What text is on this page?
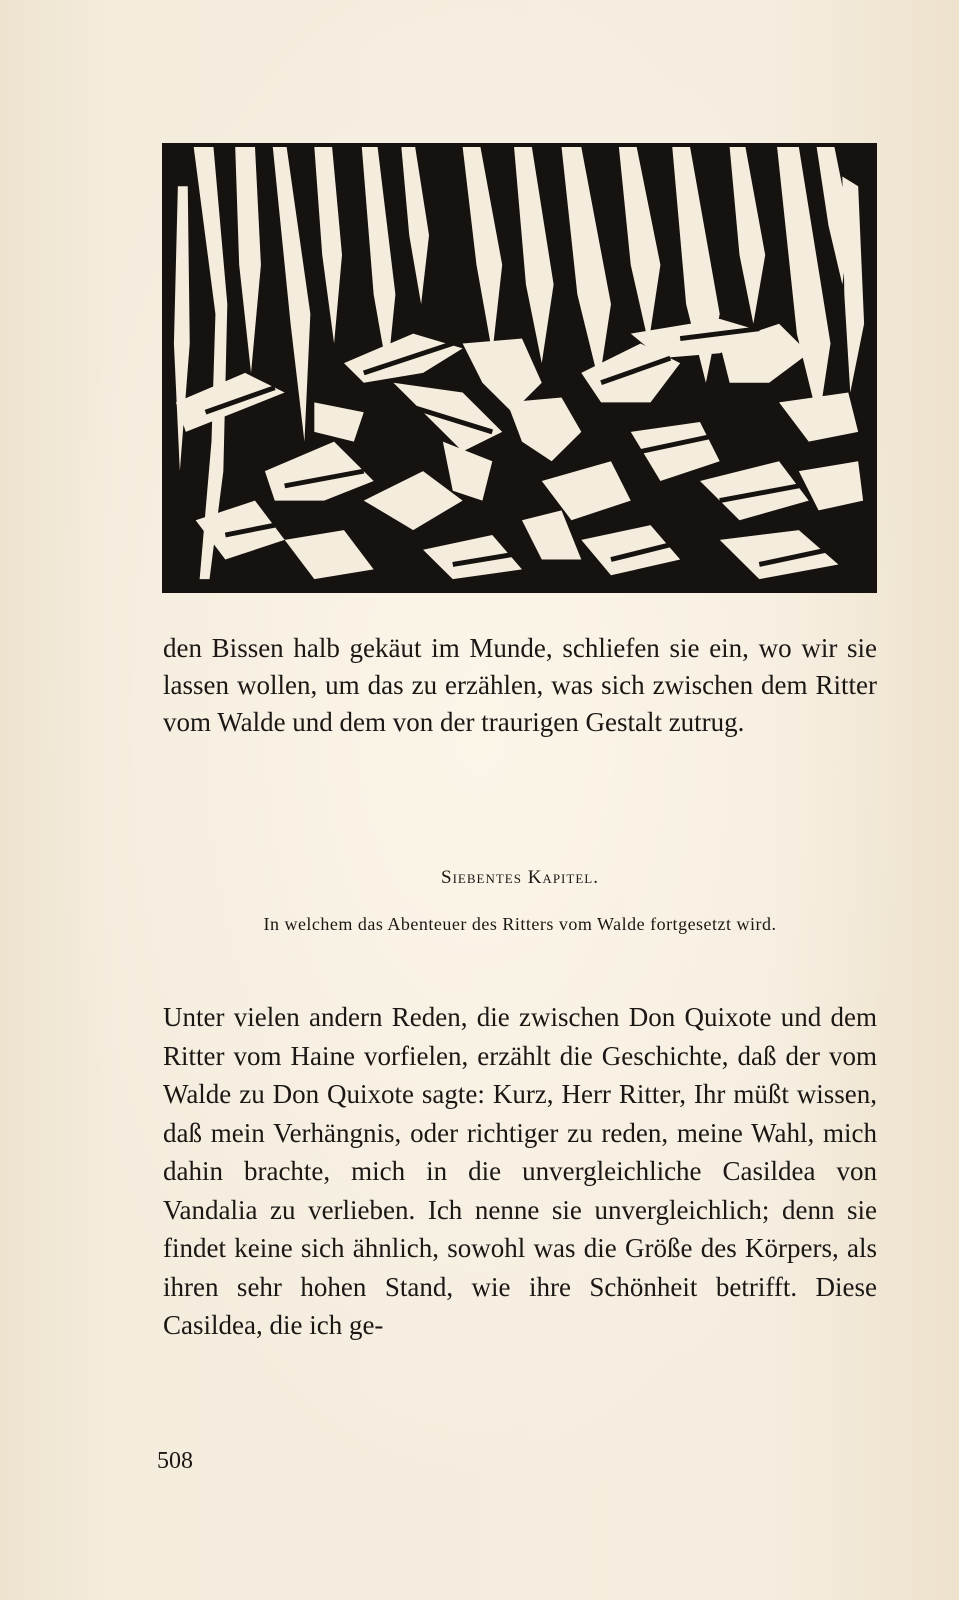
den Bissen halb gekäut im Munde, schliefen sie ein, wo wir sie lassen wollen, um das zu erzählen, was sich zwischen dem Ritter vom Walde und dem von der traurigen Gestalt zutrug.

Siebentes Kapitel.

In welchem das Abenteuer des Ritters vom Walde fortgesetzt wird.

Unter vielen andern Reden, die zwischen Don Quixote und dem Ritter vom Haine vorfielen, erzählt die Geschichte, daß der vom Walde zu Don Quixote sagte: Kurz, Herr Ritter, Ihr müßt wissen, daß mein Verhängnis, oder richtiger zu reden, meine Wahl, mich dahin brachte, mich in die unvergleichliche Casildea von Vandalia zu verlieben. Ich nenne sie unvergleichlich; denn sie findet keine sich ähnlich, sowohl was die Größe des Körpers, als ihren sehr hohen Stand, wie ihre Schönheit betrifft. Diese Casildea, die ich ge-

508
